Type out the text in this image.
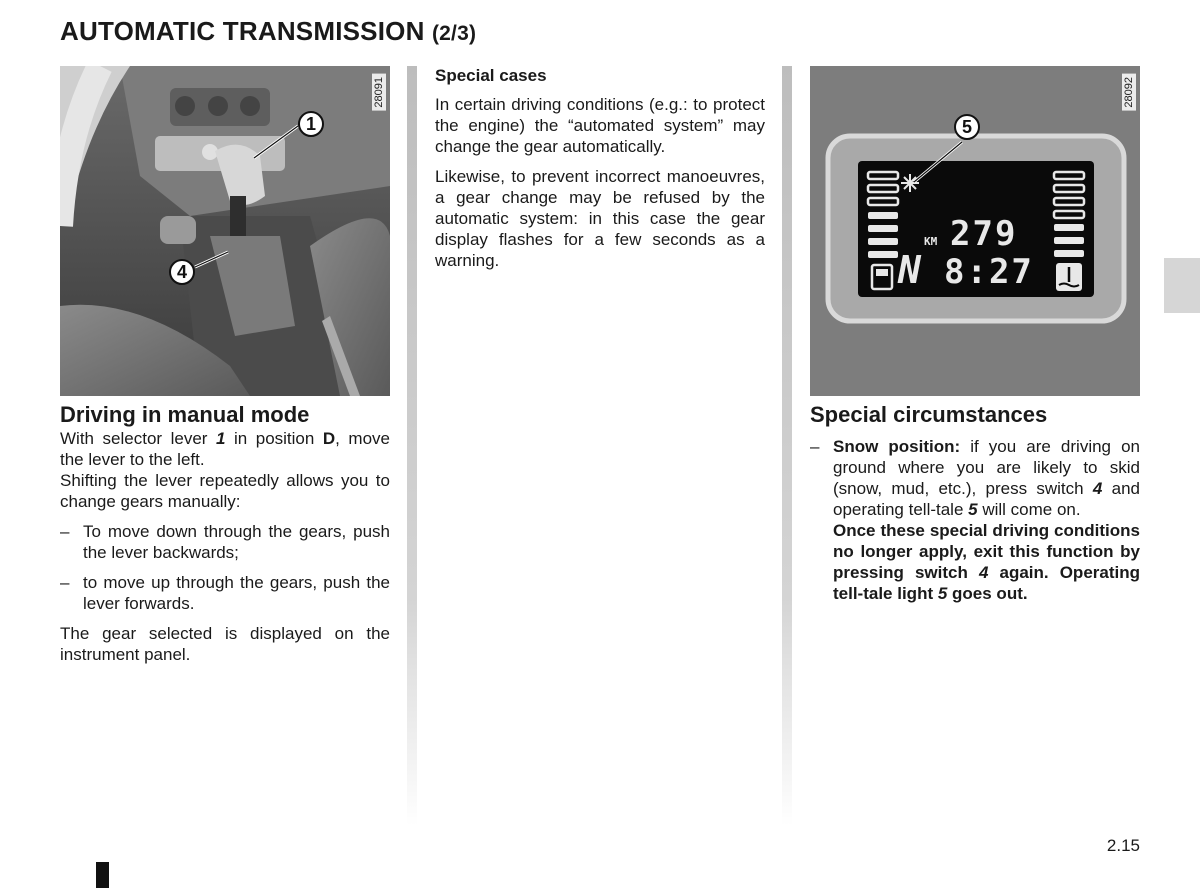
AUTOMATIC TRANSMISSION (2/3)
28091
1
4
Driving in manual mode

With selector lever 1 in position D, move the lever to the left.

Shifting the lever repeatedly allows you to change gears manually:

– To move down through the gears, push the lever backwards;
– to move up through the gears, push the lever forwards.

The gear selected is displayed on the instrument panel.

Special cases

In certain driving conditions (e.g.: to protect the engine) the “automated system” may change the gear automatically.

Likewise, to prevent incorrect manoeuvres, a gear change may be refused by the automatic system: in this case the gear display flashes for a few seconds as a warning.

KM 279
N 8:27
28092
5
Special circumstances
– Snow position: if you are driving on ground where you are likely to skid (snow, mud, etc.), press switch 4 and operating tell-tale 5 will come on.
Once these special driving conditions no longer apply, exit this function by pressing switch 4 again. Operating tell-tale light 5 goes out.
2.15
